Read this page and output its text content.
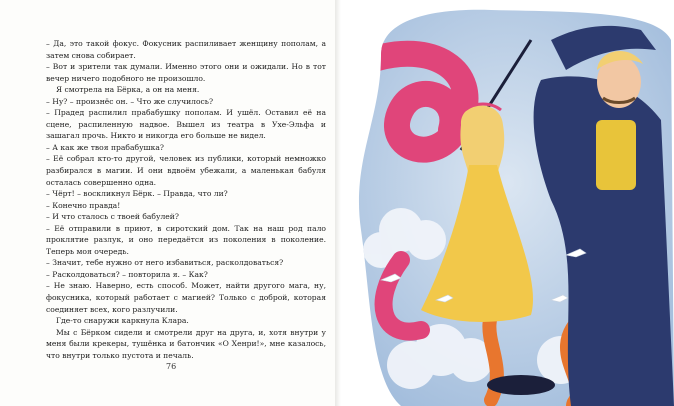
– Да, это такой фокус. Фокусник распиливает женщину пополам, а затем снова собирает.

– Вот и зрители так думали. Именно этого они и ожидали. Но в тот вечер ничего подобного не произошло.

Я смотрела на Бёрка, а он на меня.

– Ну? – произнёс он. – Что же случилось?

– Прадед распилил прабабушку пополам. И ушёл. Оставил её на сцене, распиленную надвое. Вышел из театра в Ухе-Эльфа и зашагал прочь. Никто и никогда его больше не видел.

– А как же твоя прабабушка?

– Её собрал кто-то другой, человек из публики, который немножко разбирался в магии. И они вдвоём убежали, а маленькая бабуля осталась совершенно одна.

– Чёрт! – воскликнул Бёрк. – Правда, что ли?

– Конечно правда!

– И что сталось с твоей бабулей?

– Её отправили в приют, в сиротский дом. Так на наш род пало проклятие разлук, и оно передаётся из поколения в поколение. Теперь моя очередь.

– Значит, тебе нужно от него избавиться, расколдоваться?

– Расколдоваться? – повторила я. – Как?

– Не знаю. Наверно, есть способ. Может, найти другого мага, ну, фокусника, который работает с магией? Только с доброй, которая соединяет всех, кого разлучили.

Где-то снаружи каркнула Клара.

Мы с Бёрком сидели и смотрели друг на друга, и, хотя внутри у меня были крекеры, тушёнка и батончик «О Хенри!», мне казалось, что внутри только пустота и печаль.

76
